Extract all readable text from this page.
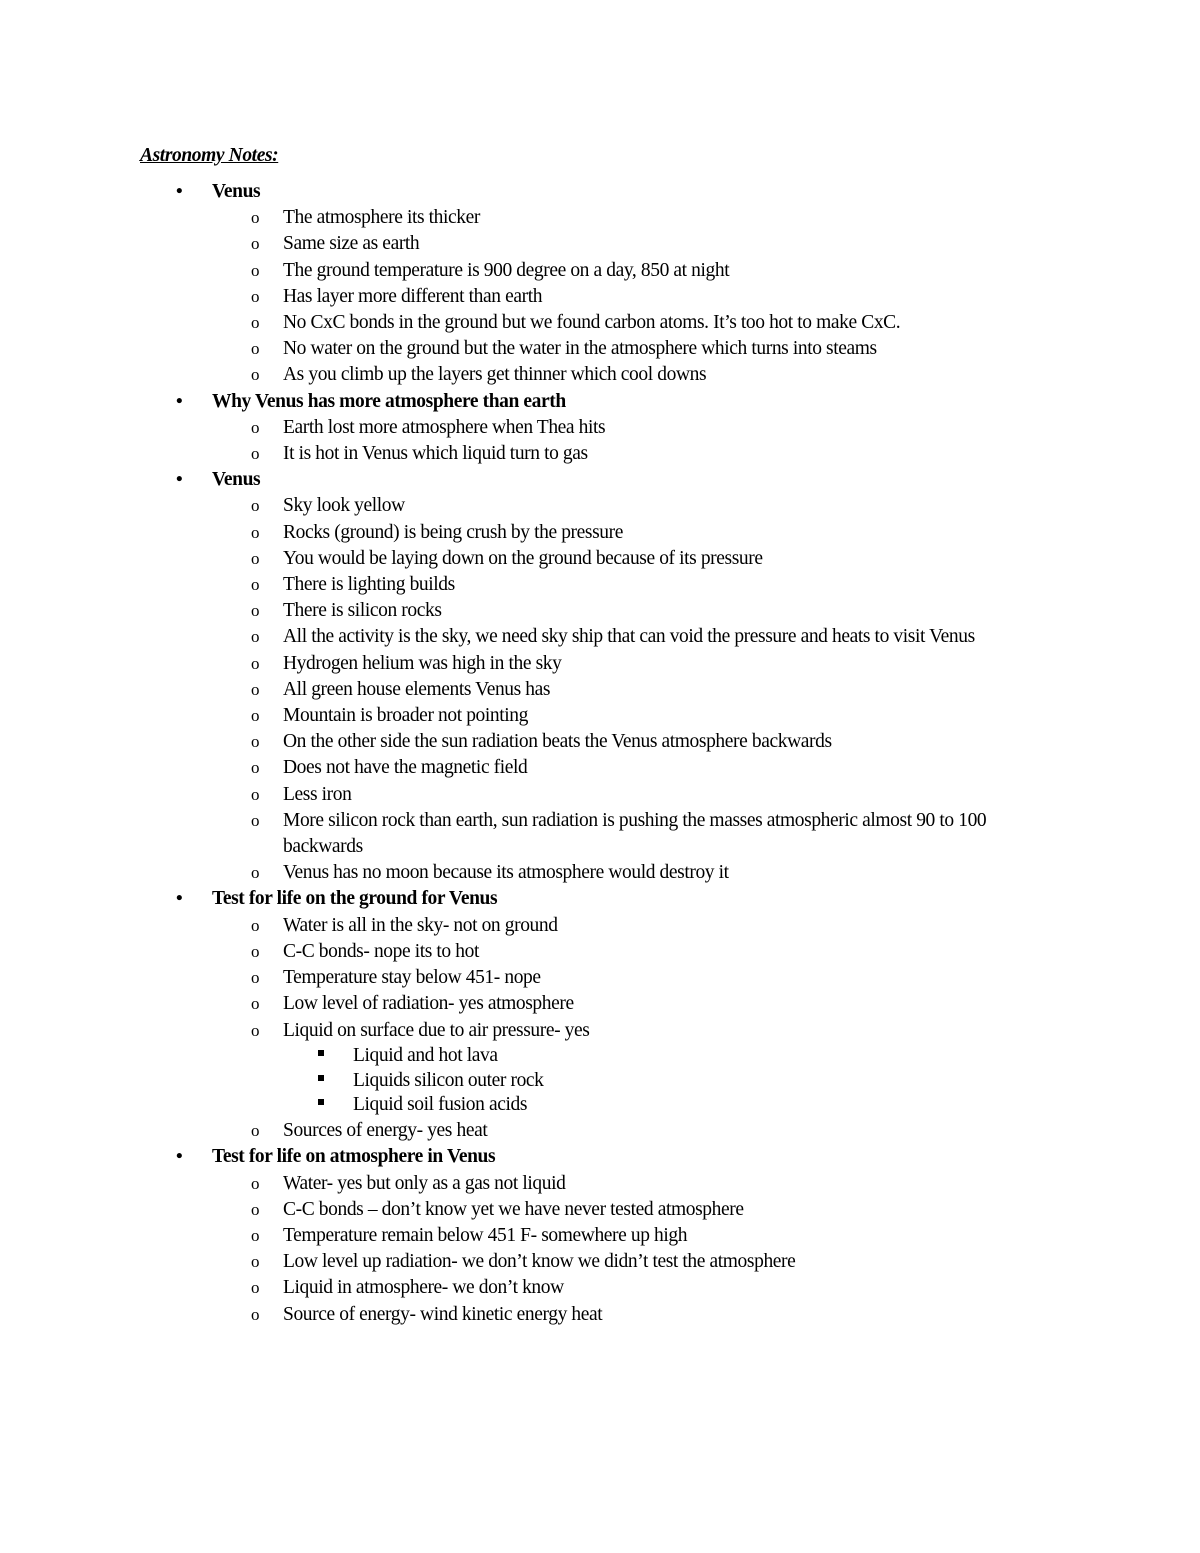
Astronomy Notes:
• Venus
o The atmosphere its thicker
o Same size as earth
o The ground temperature is 900 degree on a day, 850 at night
o Has layer more different than earth
o No CxC bonds in the ground but we found carbon atoms. It’s too hot to make CxC.
o No water on the ground but the water in the atmosphere which turns into steams
o As you climb up the layers get thinner which cool downs
• Why Venus has more atmosphere than earth
o Earth lost more atmosphere when Thea hits
o It is hot in Venus which liquid turn to gas
• Venus
o Sky look yellow
o Rocks (ground) is being crush by the pressure
o You would be laying down on the ground because of its pressure
o There is lighting builds
o There is silicon rocks
o All the activity is the sky, we need sky ship that can void the pressure and heats to visit Venus
o Hydrogen helium was high in the sky
o All green house elements Venus has
o Mountain is broader not pointing
o On the other side the sun radiation beats the Venus atmosphere backwards
o Does not have the magnetic field
o Less iron
o More silicon rock than earth, sun radiation is pushing the masses atmospheric almost 90 to 100 backwards
o Venus has no moon because its atmosphere would destroy it
• Test for life on the ground for Venus
o Water is all in the sky- not on ground
o C-C bonds- nope its to hot
o Temperature stay below 451- nope
o Low level of radiation- yes atmosphere
o Liquid on surface due to air pressure- yes
Liquid and hot lava
Liquids silicon outer rock
Liquid soil fusion acids
o Sources of energy- yes heat
• Test for life on atmosphere in Venus
o Water- yes but only as a gas not liquid
o C-C bonds – don’t know yet we have never tested atmosphere
o Temperature remain below 451 F- somewhere up high
o Low level up radiation- we don’t know we didn’t test the atmosphere
o Liquid in atmosphere- we don’t know
o Source of energy- wind kinetic energy heat
